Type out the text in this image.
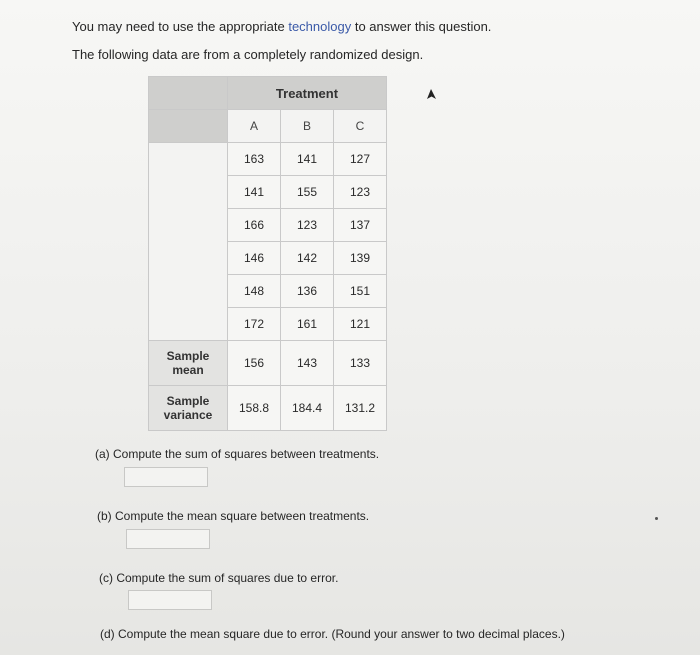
You may need to use the appropriate technology to answer this question.
The following data are from a completely randomized design.
	Treatment		
	A	B	C
	163	141	127
	141	155	123
	166	123	137
	146	142	139
	148	136	151
	172	161	121
Sample
mean	156	143	133
Sample
variance	158.8	184.4	131.2
(a) Compute the sum of squares between treatments.
(b) Compute the mean square between treatments.
(c) Compute the sum of squares due to error.
(d) Compute the mean square due to error. (Round your answer to two decimal places.)
